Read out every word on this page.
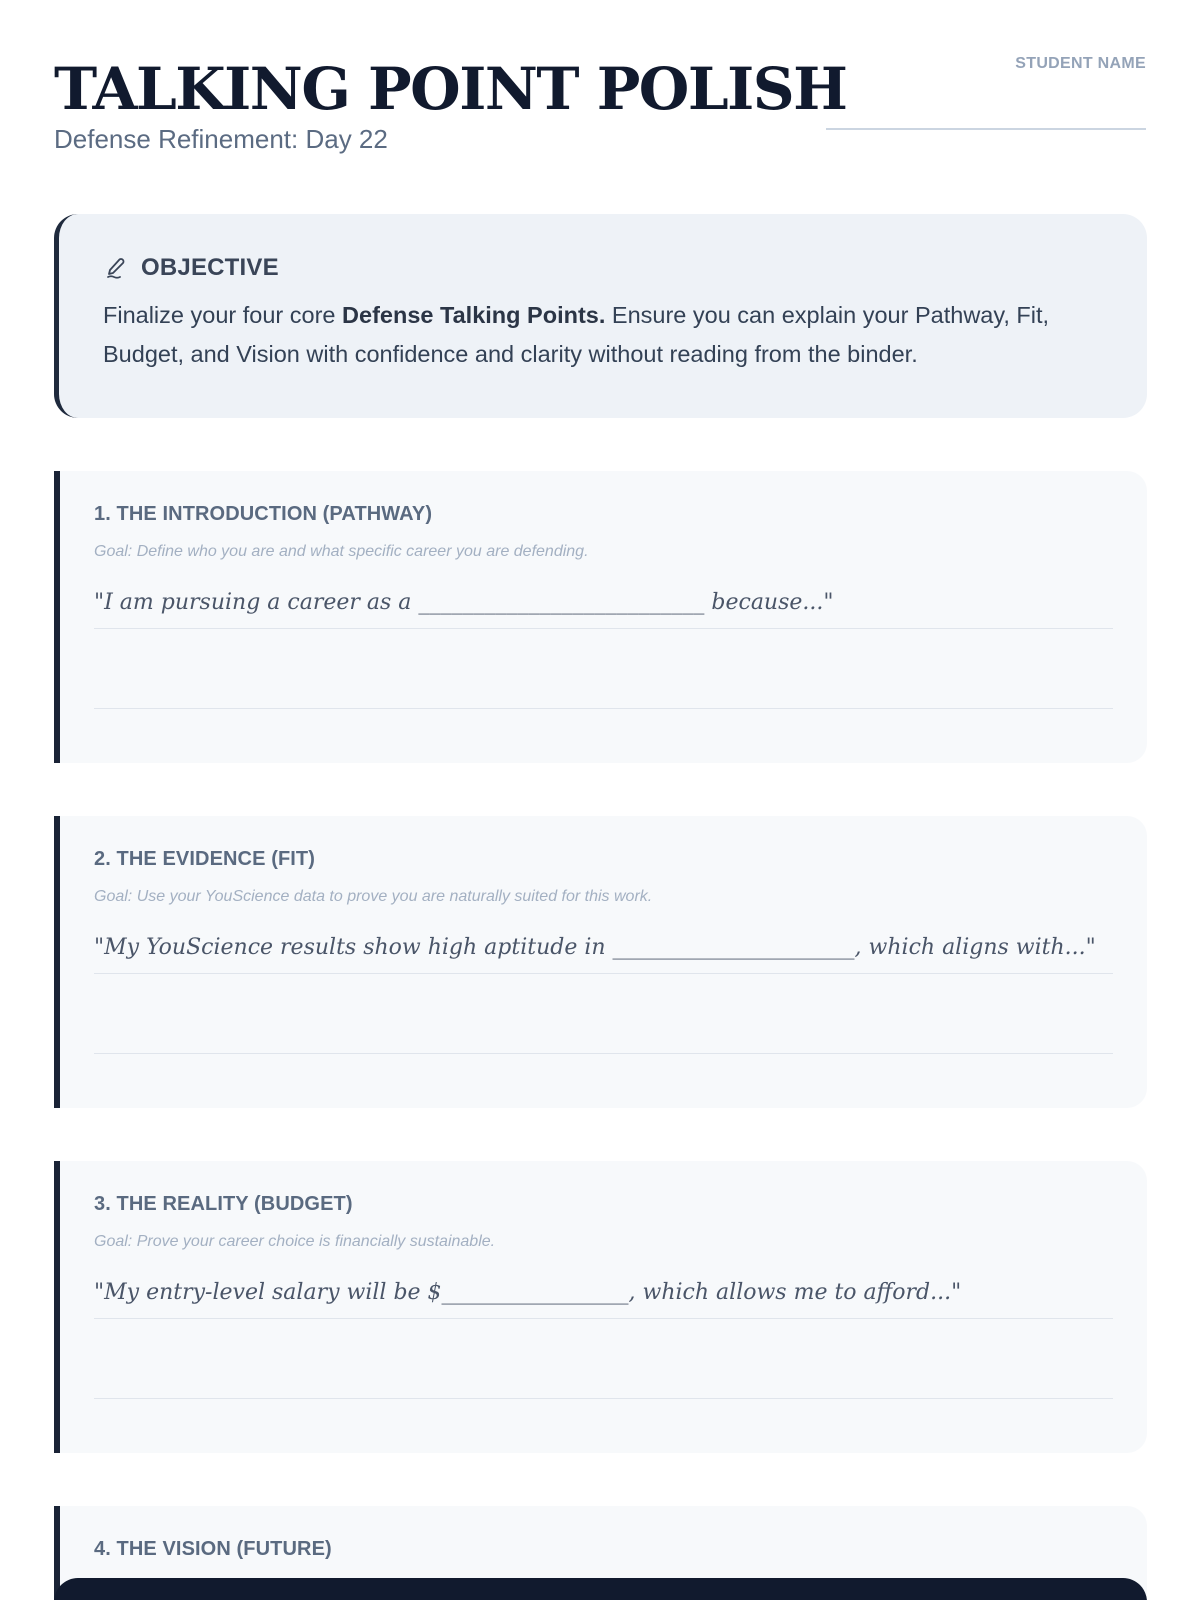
TALKING POINT POLISH
Defense Refinement: Day 22
STUDENT NAME
OBJECTIVE

Finalize your four core Defense Talking Points. Ensure you can explain your Pathway, Fit, Budget, and Vision with confidence and clarity without reading from the binder.

1. THE INTRODUCTION (PATHWAY)
Goal: Define who you are and what specific career you are defending.
"I am pursuing a career as a __________________________ because..."
2. THE EVIDENCE (FIT)
Goal: Use your YouScience data to prove you are naturally suited for this work.
"My YouScience results show high aptitude in ______________________, which aligns with..."
3. THE REALITY (BUDGET)
Goal: Prove your career choice is financially sustainable.
"My entry-level salary will be $_________________, which allows me to afford..."
4. THE VISION (FUTURE)
